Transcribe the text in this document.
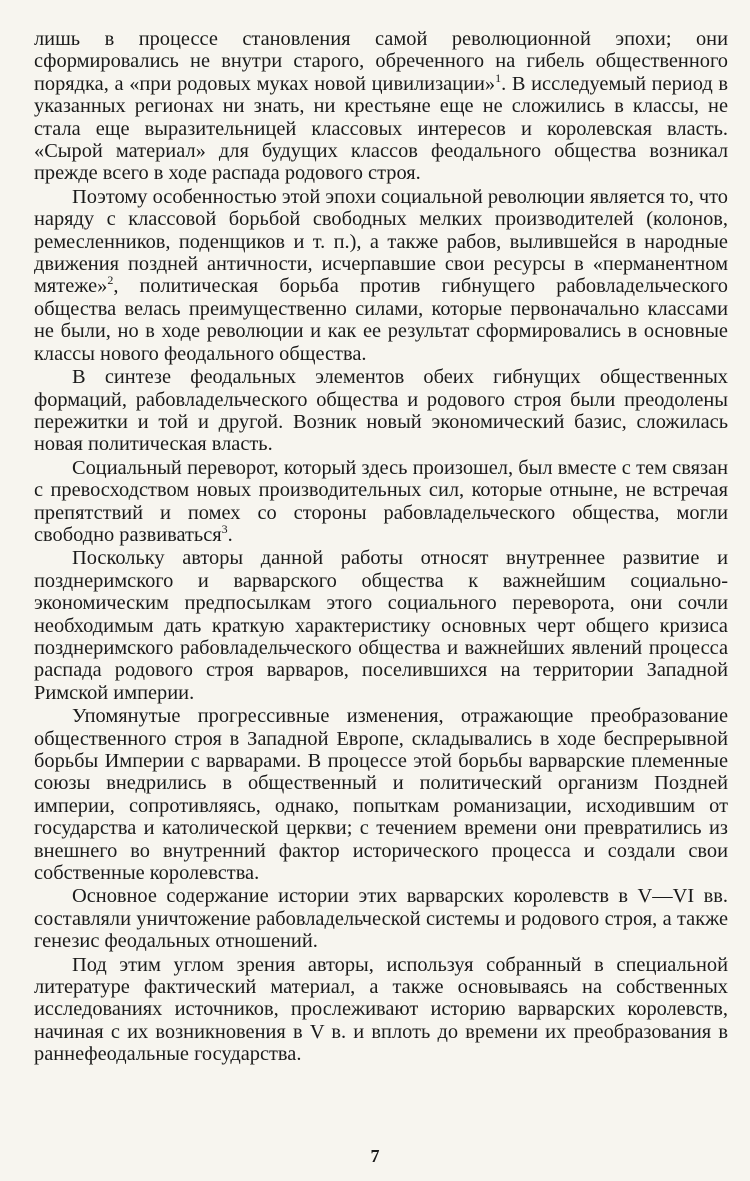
лишь в процессе становления самой революционной эпохи; они сформировались не внутри старого, обреченного на гибель общественного порядка, а «при родовых муках новой цивилизации»$^1$. В исследуемый период в указанных регионах ни знать, ни крестьяне еще не сложились в классы, не стала еще выразительницей классовых интересов и королевская власть. «Сырой материал» для будущих классов феодального общества возникал прежде всего в ходе распада родового строя.

Поэтому особенностью этой эпохи социальной революции является то, что наряду с классовой борьбой свободных мелких производителей (колонов, ремесленников, поденщиков и т. п.), а также рабов, вылившейся в народные движения поздней античности, исчерпавшие свои ресурсы в «перманентном мятеже»$^2$, политическая борьба против гибнущего рабовладельческого общества велась преимущественно силами, которые первоначально классами не были, но в ходе революции и как ее результат сформировались в основные классы нового феодального общества.

В синтезе феодальных элементов обеих гибнущих общественных формаций, рабовладельческого общества и родового строя были преодолены пережитки и той и другой. Возник новый экономический базис, сложилась новая политическая власть.

Социальный переворот, который здесь произошел, был вместе с тем связан с превосходством новых производительных сил, которые отныне, не встречая препятствий и помех со стороны рабовладельческого общества, могли свободно развиваться$^3$.

Поскольку авторы данной работы относят внутреннее развитие и позднеримского и варварского общества к важнейшим социально-экономическим предпосылкам этого социального переворота, они сочли необходимым дать краткую характеристику основных черт общего кризиса позднеримского рабовладельческого общества и важнейших явлений процесса распада родового строя варваров, поселившихся на территории Западной Римской империи.

Упомянутые прогрессивные изменения, отражающие преобразование общественного строя в Западной Европе, складывались в ходе беспрерывной борьбы Империи с варварами. В процессе этой борьбы варварские племенные союзы внедрились в общественный и политический организм Поздней империи, сопротивляясь, однако, попыткам романизации, исходившим от государства и католической церкви; с течением времени они превратились из внешнего во внутренний фактор исторического процесса и создали свои собственные королевства.

Основное содержание истории этих варварских королевств в V—VI вв. составляли уничтожение рабовладельческой системы и родового строя, а также генезис феодальных отношений.

Под этим углом зрения авторы, используя собранный в специальной литературе фактический материал, а также основываясь на собственных исследованиях источников, прослеживают историю варварских королевств, начиная с их возникновения в V в. и вплоть до времени их преобразования в раннефеодальные государства.

7
